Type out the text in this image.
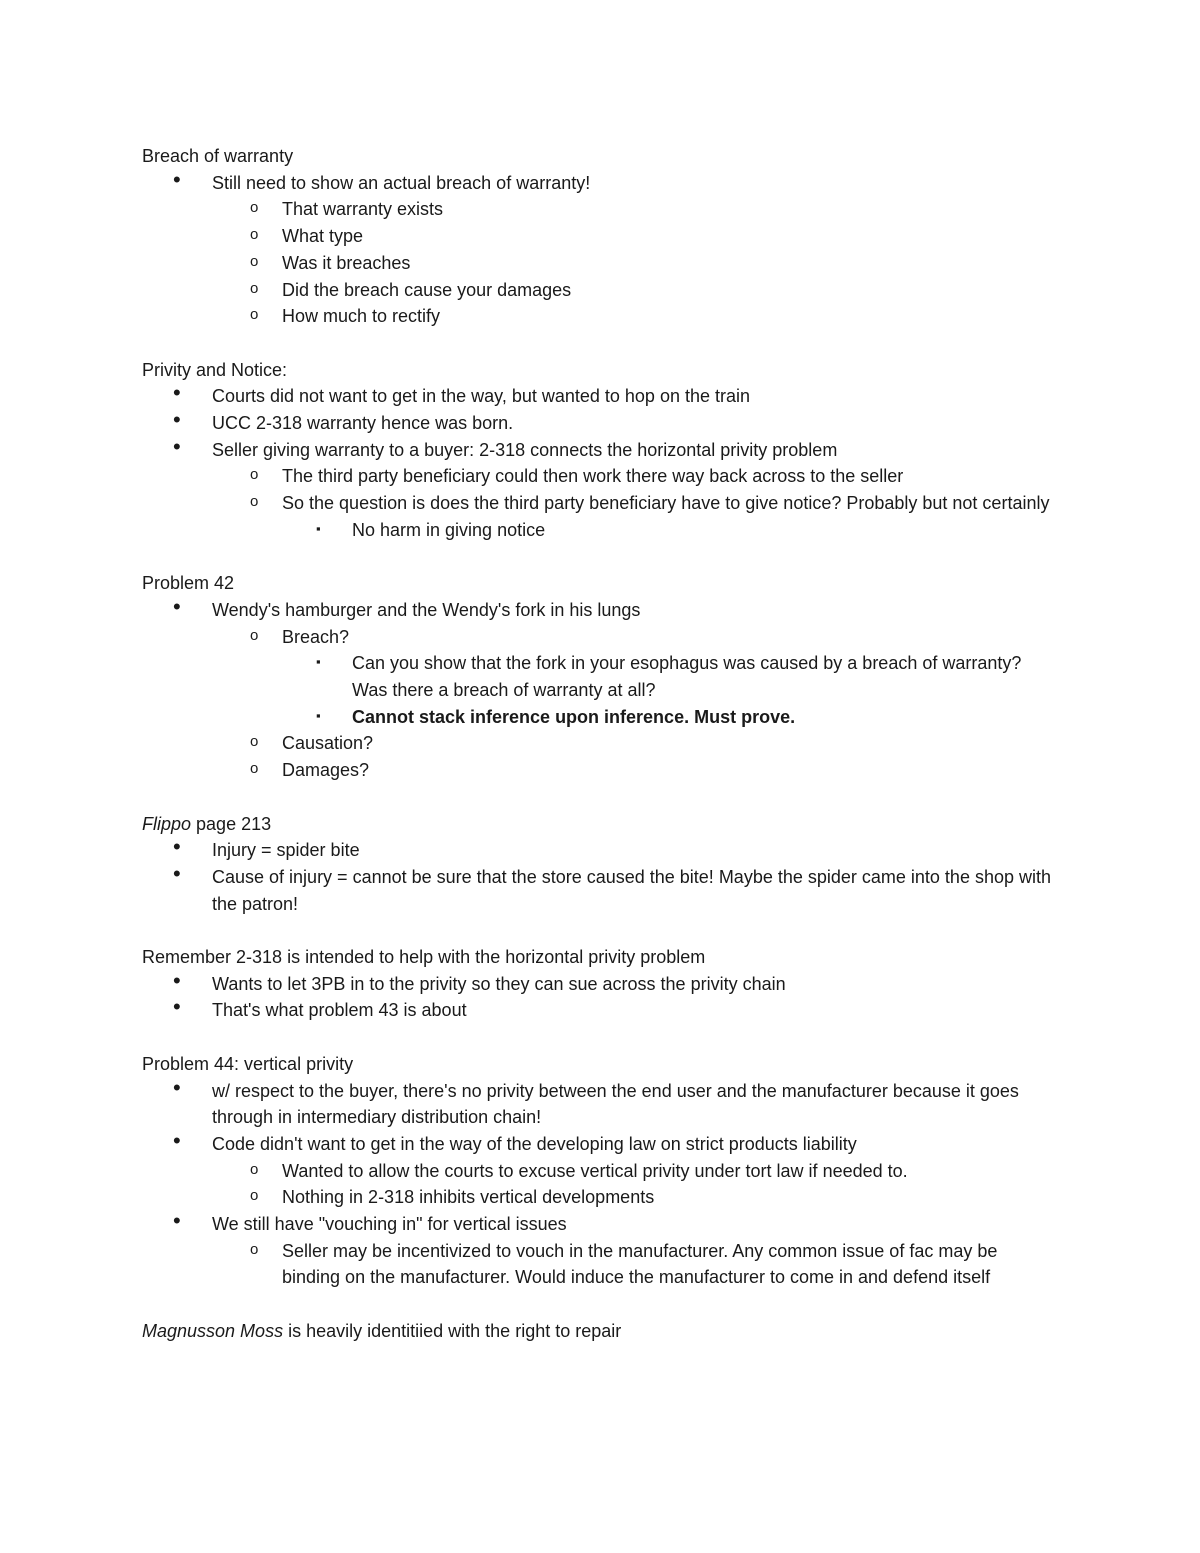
Breach of warranty

• Still need to show an actual breach of warranty!
o That warranty exists
o What type
o Was it breaches
o Did the breach cause your damages
o How much to rectify

Privity and Notice:

• Courts did not want to get in the way, but wanted to hop on the train
• UCC 2-318 warranty hence was born.
• Seller giving warranty to a buyer: 2-318 connects the horizontal privity problem
o The third party beneficiary could then work there way back across to the seller
o So the question is does the third party beneficiary have to give notice? Probably but not certainly
▪ No harm in giving notice

Problem 42

• Wendy's hamburger and the Wendy's fork in his lungs
o Breach?
▪ Can you show that the fork in your esophagus was caused by a breach of warranty? Was there a breach of warranty at all?
▪ Cannot stack inference upon inference. Must prove.
o Causation?
o Damages?

Flippo page 213

• Injury = spider bite
• Cause of injury = cannot be sure that the store caused the bite! Maybe the spider came into the shop with the patron!

Remember 2-318 is intended to help with the horizontal privity problem

• Wants to let 3PB in to the privity so they can sue across the privity chain
• That's what problem 43 is about

Problem 44: vertical privity

• w/ respect to the buyer, there's no privity between the end user and the manufacturer because it goes through in intermediary distribution chain!
• Code didn't want to get in the way of the developing law on strict products liability
o Wanted to allow the courts to excuse vertical privity under tort law if needed to.
o Nothing in 2-318 inhibits vertical developments
• We still have "vouching in" for vertical issues
o Seller may be incentivized to vouch in the manufacturer. Any common issue of fac may be binding on the manufacturer. Would induce the manufacturer to come in and defend itself

Magnusson Moss is heavily identitiied with the right to repair
